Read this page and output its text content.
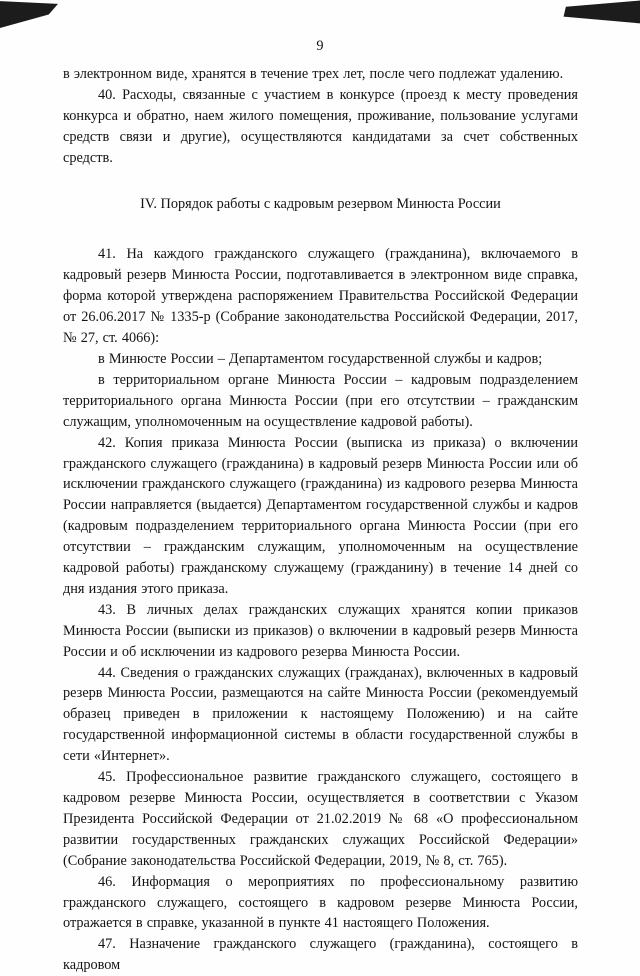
9

в электронном виде, хранятся в течение трех лет, после чего подлежат удалению.

40. Расходы, связанные с участием в конкурсе (проезд к месту проведения конкурса и обратно, наем жилого помещения, проживание, пользование услугами средств связи и другие), осуществляются кандидатами за счет собственных средств.

IV. Порядок работы с кадровым резервом Минюста России

41. На каждого гражданского служащего (гражданина), включаемого в кадровый резерв Минюста России, подготавливается в электронном виде справка, форма которой утверждена распоряжением Правительства Российской Федерации от 26.06.2017 № 1335-р (Собрание законодательства Российской Федерации, 2017, № 27, ст. 4066):

в Минюсте России – Департаментом государственной службы и кадров;

в территориальном органе Минюста России – кадровым подразделением территориального органа Минюста России (при его отсутствии – гражданским служащим, уполномоченным на осуществление кадровой работы).

42. Копия приказа Минюста России (выписка из приказа) о включении гражданского служащего (гражданина) в кадровый резерв Минюста России или об исключении гражданского служащего (гражданина) из кадрового резерва Минюста России направляется (выдается) Департаментом государственной службы и кадров (кадровым подразделением территориального органа Минюста России (при его отсутствии – гражданским служащим, уполномоченным на осуществление кадровой работы) гражданскому служащему (гражданину) в течение 14 дней со дня издания этого приказа.

43. В личных делах гражданских служащих хранятся копии приказов Минюста России (выписки из приказов) о включении в кадровый резерв Минюста России и об исключении из кадрового резерва Минюста России.

44. Сведения о гражданских служащих (гражданах), включенных в кадровый резерв Минюста России, размещаются на сайте Минюста России (рекомендуемый образец приведен в приложении к настоящему Положению) и на сайте государственной информационной системы в области государственной службы в сети «Интернет».

45. Профессиональное развитие гражданского служащего, состоящего в кадровом резерве Минюста России, осуществляется в соответствии с Указом Президента Российской Федерации от 21.02.2019 № 68 «О профессиональном развитии государственных гражданских служащих Российской Федерации» (Собрание законодательства Российской Федерации, 2019, № 8, ст. 765).

46. Информация о мероприятиях по профессиональному развитию гражданского служащего, состоящего в кадровом резерве Минюста России, отражается в справке, указанной в пункте 41 настоящего Положения.

47. Назначение гражданского служащего (гражданина), состоящего в кадровом
